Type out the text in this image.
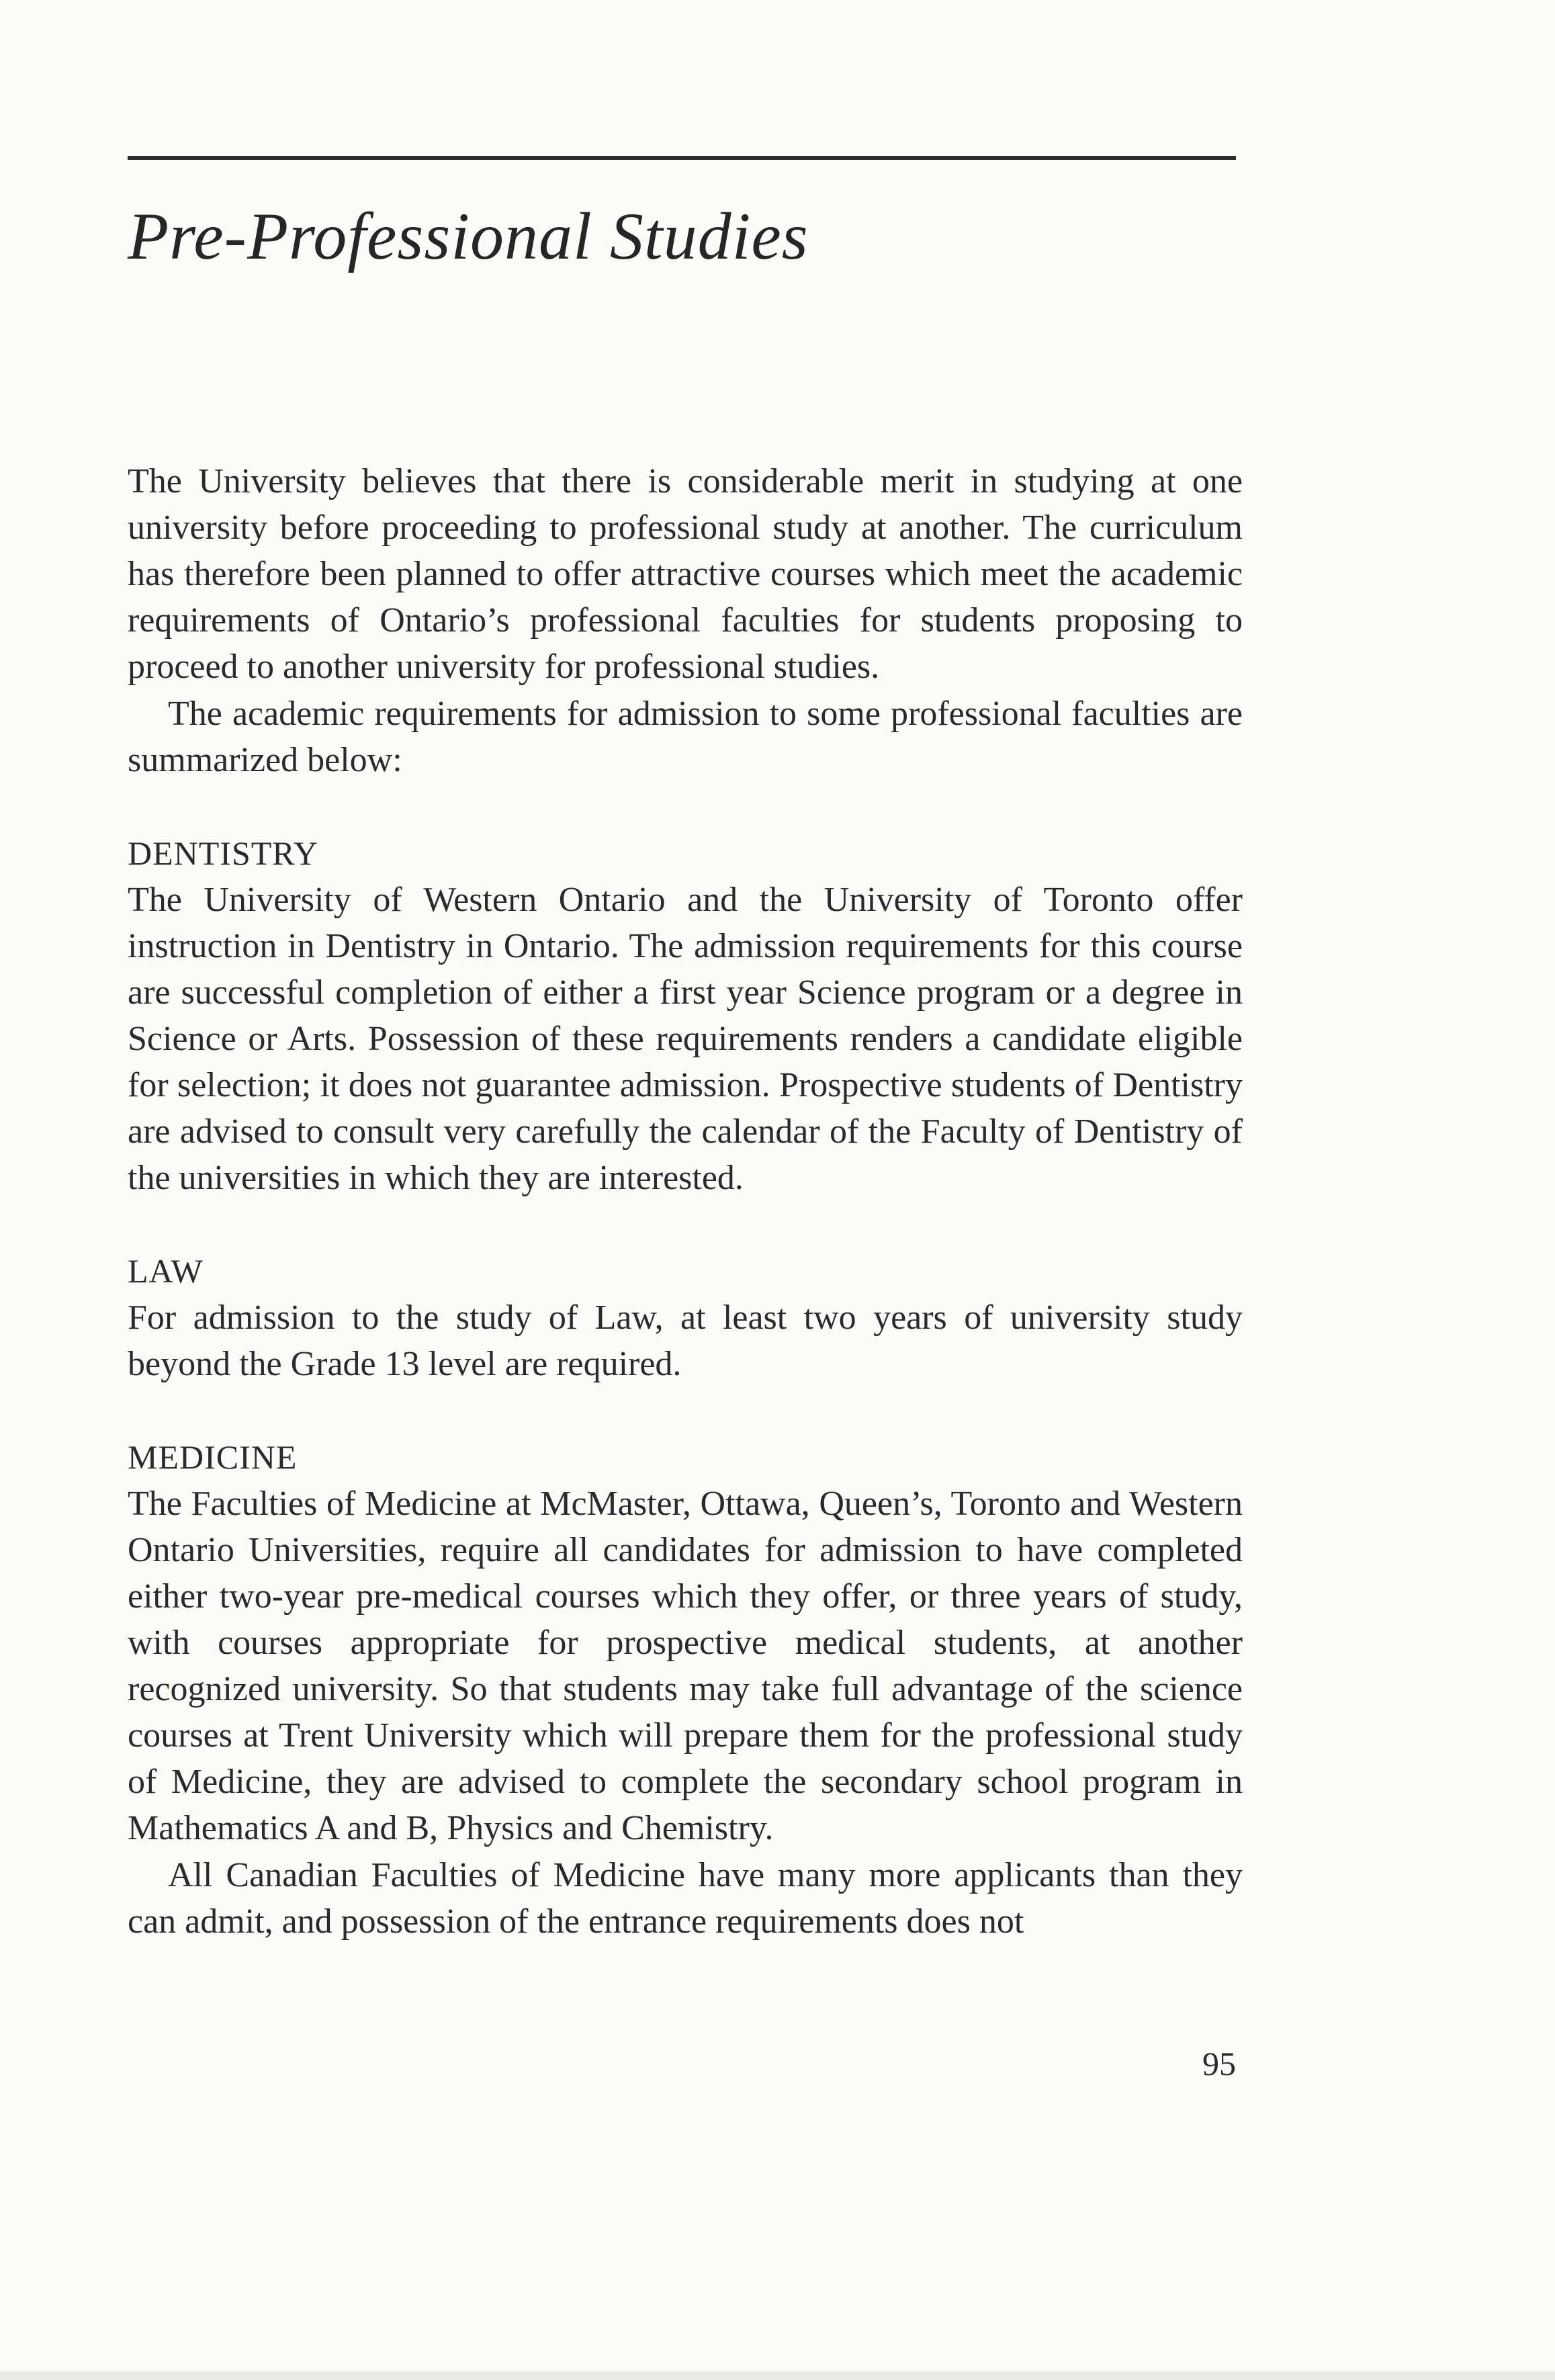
Pre-Professional Studies

The University believes that there is considerable merit in studying at one university before proceeding to professional study at another. The curriculum has therefore been planned to offer attractive courses which meet the academic requirements of Ontario’s professional faculties for students proposing to proceed to another university for professional studies.

The academic requirements for admission to some professional faculties are summarized below:

DENTISTRY

The University of Western Ontario and the University of Toronto offer instruction in Dentistry in Ontario. The admission requirements for this course are successful completion of either a first year Science program or a degree in Science or Arts. Possession of these requirements renders a candidate eligible for selection; it does not guarantee admission. Prospective students of Dentistry are advised to consult very carefully the calendar of the Faculty of Dentistry of the universities in which they are interested.

LAW

For admission to the study of Law, at least two years of university study beyond the Grade 13 level are required.

MEDICINE

The Faculties of Medicine at McMaster, Ottawa, Queen’s, Toronto and Western Ontario Universities, require all candidates for admission to have completed either two-year pre-medical courses which they offer, or three years of study, with courses appropriate for prospective medical students, at another recognized university. So that students may take full advantage of the science courses at Trent University which will prepare them for the professional study of Medicine, they are advised to complete the secondary school program in Mathematics A and B, Physics and Chemistry.

All Canadian Faculties of Medicine have many more applicants than they can admit, and possession of the entrance requirements does not

95
